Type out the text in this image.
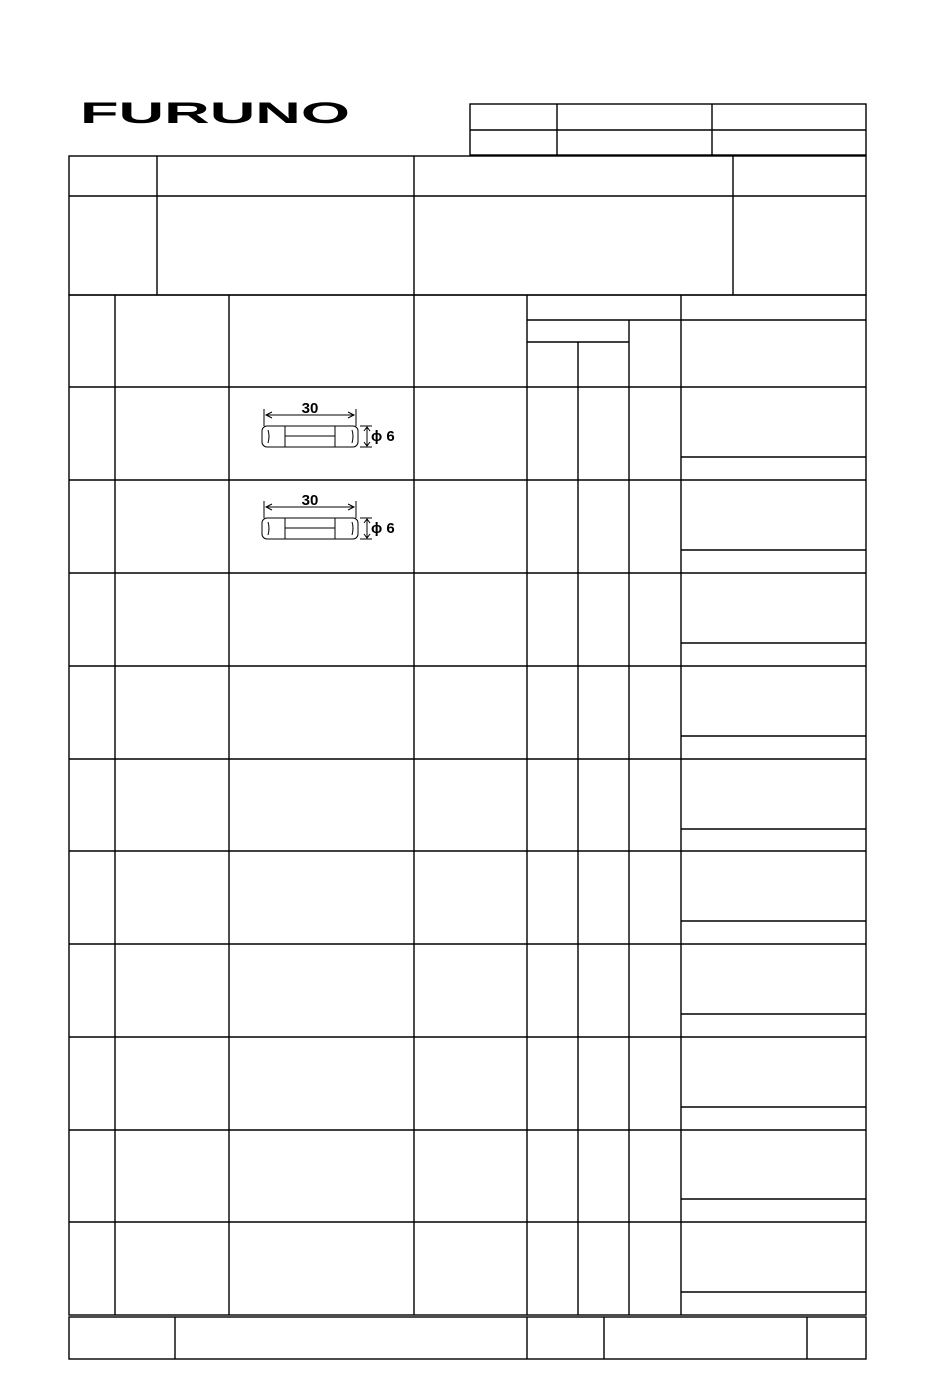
FURUNO
30
ϕ 6
30
ϕ 6
